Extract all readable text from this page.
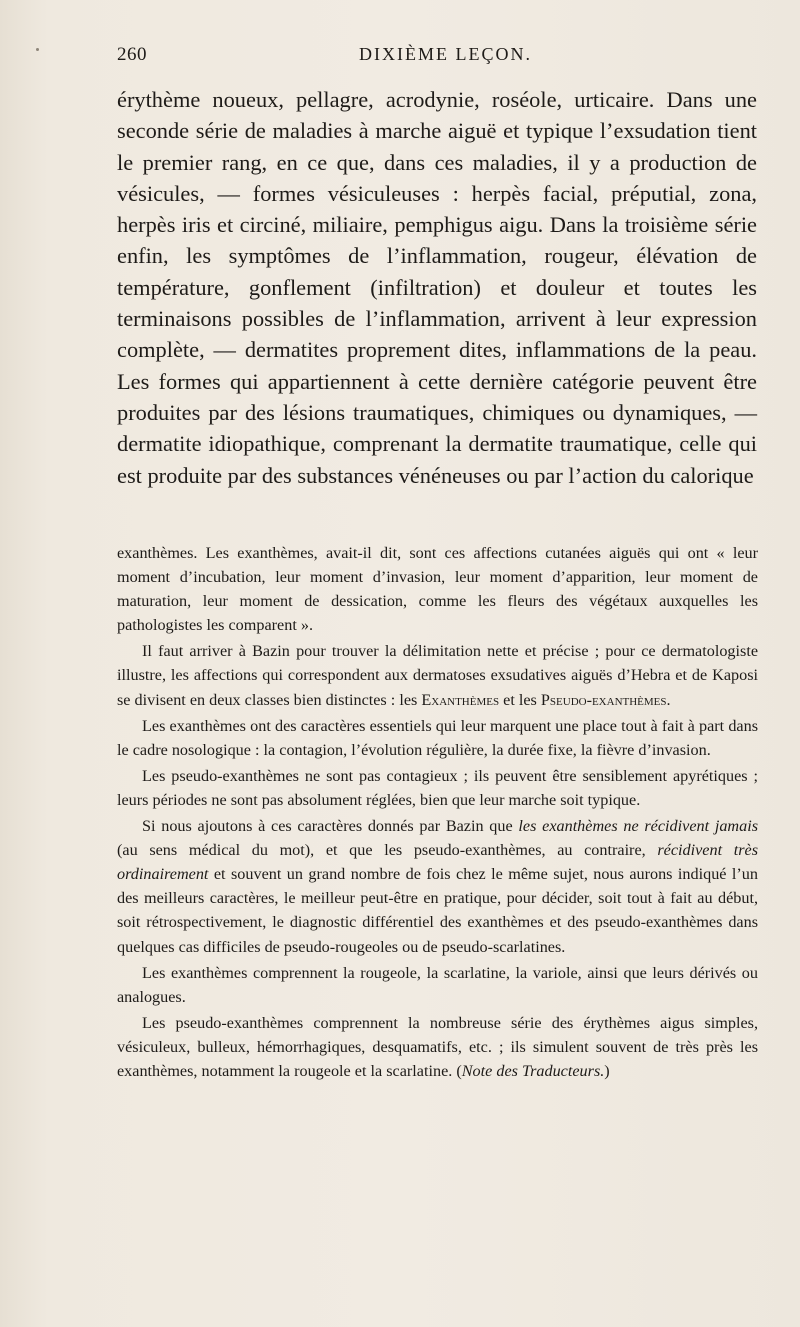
260	DIXIÈME LEÇON.

érythème noueux, pellagre, acrodynie, roséole, urticaire. Dans une seconde série de maladies à marche aiguë et typique l’exsudation tient le premier rang, en ce que, dans ces maladies, il y a production de vésicules, — formes vésiculeuses : herpès facial, préputial, zona, herpès iris et circiné, miliaire, pemphigus aigu. Dans la troisième série enfin, les symptômes de l’inflammation, rougeur, élévation de température, gonflement (infiltration) et douleur et toutes les terminaisons possibles de l’inflammation, arrivent à leur expression complète, — dermatites proprement dites, inflammations de la peau. Les formes qui appartiennent à cette dernière catégorie peuvent être produites par des lésions traumatiques, chimiques ou dynamiques, — dermatite idiopathique, comprenant la dermatite traumatique, celle qui est produite par des substances vénéneuses ou par l’action du calorique

exanthèmes. Les exanthèmes, avait-il dit, sont ces affections cutanées aiguës qui ont « leur moment d’incubation, leur moment d’invasion, leur moment d’apparition, leur moment de maturation, leur moment de dessication, comme les fleurs des végétaux auxquelles les pathologistes les comparent ».

Il faut arriver à Bazin pour trouver la délimitation nette et précise ; pour ce dermatologiste illustre, les affections qui correspondent aux dermatoses exsudatives aiguës d’Hebra et de Kaposi se divisent en deux classes bien distinctes : les Exanthèmes et les Pseudo-exanthèmes.

Les exanthèmes ont des caractères essentiels qui leur marquent une place tout à fait à part dans le cadre nosologique : la contagion, l’évolution régulière, la durée fixe, la fièvre d’invasion.

Les pseudo-exanthèmes ne sont pas contagieux ; ils peuvent être sensiblement apyrétiques ; leurs périodes ne sont pas absolument réglées, bien que leur marche soit typique.

Si nous ajoutons à ces caractères donnés par Bazin que les exanthèmes ne récidivent jamais (au sens médical du mot), et que les pseudo-exanthèmes, au contraire, récidivent très ordinairement et souvent un grand nombre de fois chez le même sujet, nous aurons indiqué l’un des meilleurs caractères, le meilleur peut-être en pratique, pour décider, soit tout à fait au début, soit rétrospectivement, le diagnostic différentiel des exanthèmes et des pseudo-exanthèmes dans quelques cas difficiles de pseudo-rougeoles ou de pseudo-scarlatines.

Les exanthèmes comprennent la rougeole, la scarlatine, la variole, ainsi que leurs dérivés ou analogues.

Les pseudo-exanthèmes comprennent la nombreuse série des érythèmes aigus simples, vésiculeux, bulleux, hémorrhagiques, desquamatifs, etc. ; ils simulent souvent de très près les exanthèmes, notamment la rougeole et la scarlatine. (Note des Traducteurs.)
